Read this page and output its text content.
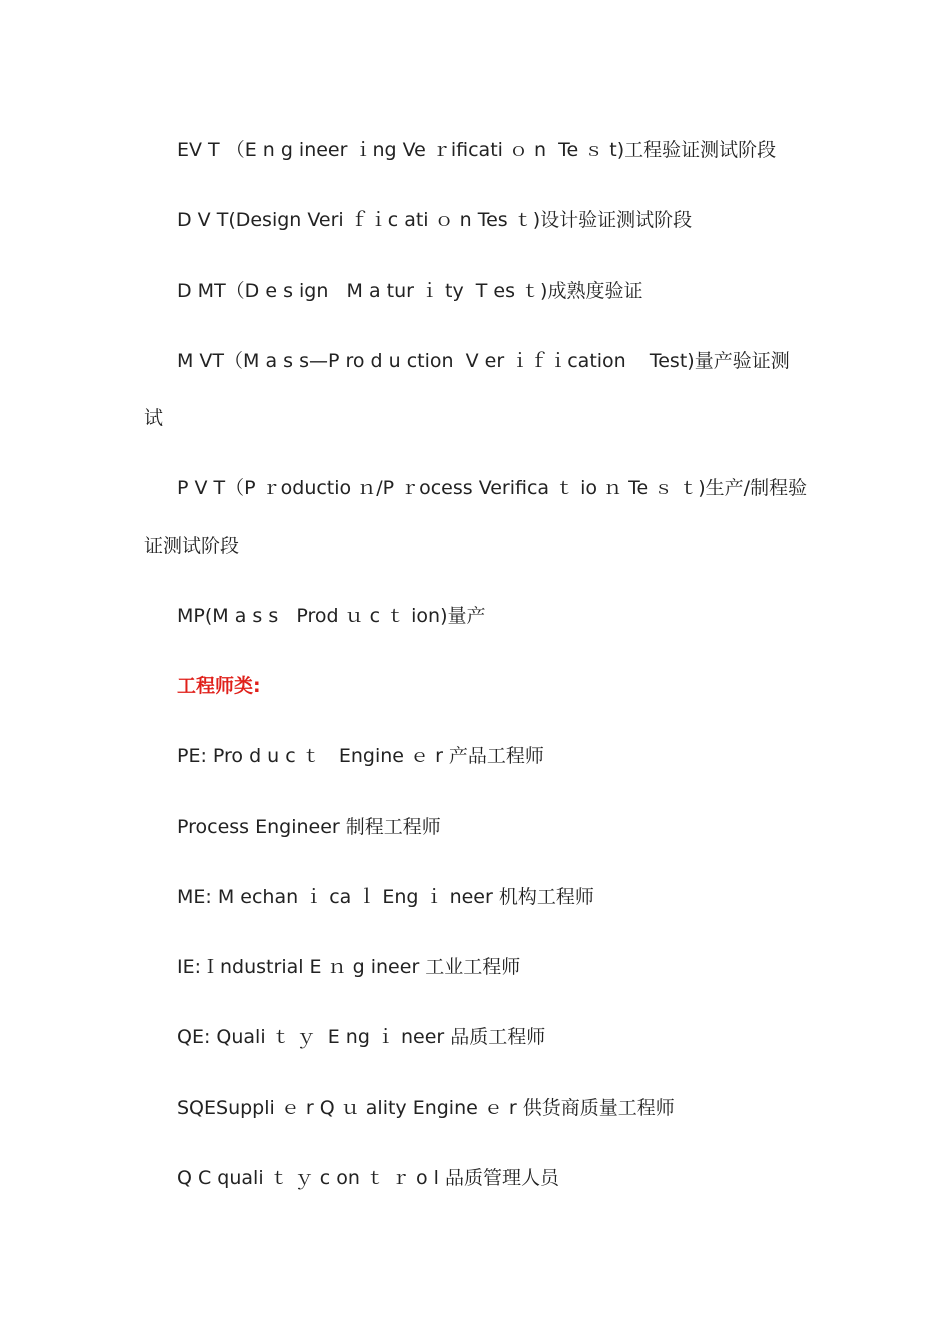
EV T （E n g ineer ｉng Ve ｒificati ｏ n  Te ｓ t)工程验证测试阶段
D V T(Design Veri ｆｉc ati ｏ n Tes ｔ)设计验证测试阶段
D MT（D e s ign   M a tur ｉ ty  T es ｔ)成熟度验证
M VT（M a s s—P ro d u ction  V er ｉｆｉcation    Test)量产验证测
试
P V T（P ｒoductio ｎ/P ｒocess Verifica ｔ io ｎ Te ｓ ｔ)生产/制程验
证测试阶段
MP(M a s s   Prod ｕ c ｔ ion)量产
工程师类:
PE: Pro d u c ｔ   Engine ｅ r 产品工程师
Process Engineer 制程工程师
ME: M echan ｉ ca ｌ Eng ｉ neer 机构工程师
IE:Ｉndustrial E ｎ g ineer 工业工程师
QE: Quali ｔ ｙ  E ng ｉ neer 品质工程师
SQESuppli ｅ r Q ｕ ality Engine ｅ r 供货商质量工程师
Q C quali ｔ ｙ c on ｔ ｒ o l 品质管理人员
